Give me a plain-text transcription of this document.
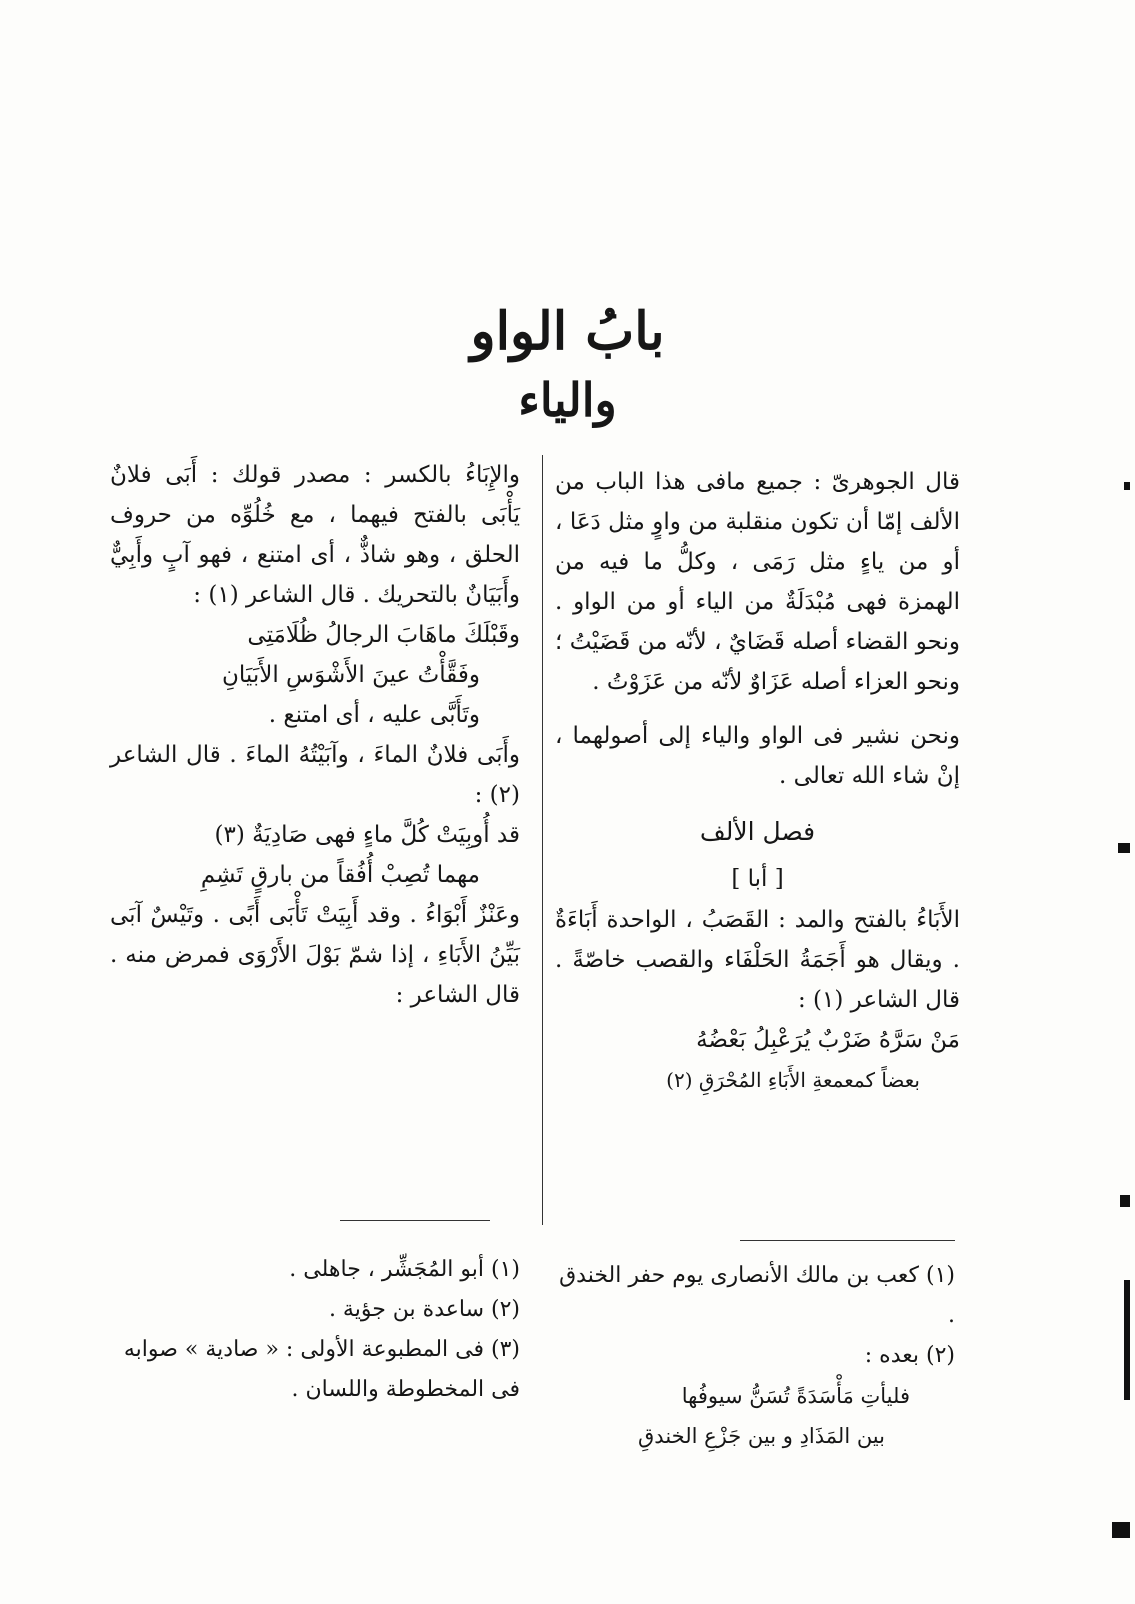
بابُ الواو
والياء

قال الجوهرىّ : جميع مافى هذا الباب من الألف إمّا أن تكون منقلبة من واوٍ مثل دَعَا ، أو من ياءٍ مثل رَمَى ، وكلُّ ما فيه من الهمزة فهى مُبْدَلَةٌ من الياء أو من الواو . ونحو القضاء أصله قَضَايٌ ، لأنّه من قَضَيْتُ ؛ ونحو العزاء أصله عَزَاوٌ لأنّه من عَزَوْتُ .

ونحن نشير فى الواو والياء إلى أصولهما ، إنْ شاء الله تعالى .

فصل الألف
[ أبا ]

الأَبَاءُ بالفتح والمد : القَصَبُ ، الواحدة أَبَاءَةٌ . ويقال هو أَجَمَةُ الحَلْفَاء والقصب خاصّةً . قال الشاعر (١) :

مَنْ سَرَّهُ ضَرْبٌ يُرَعْبِلُ بَعْضُهُ

بعضاً كمعمعةِ الأَبَاءِ المُحْرَقِ (٢)

والإِبَاءُ بالكسر : مصدر قولك : أَبَى فلانٌ يَأْبَى بالفتح فيهما ، مع خُلُوِّه من حروف الحلق ، وهو شاذٌّ ، أى امتنع ، فهو آبٍ وأَبِيٌّ وأَبَيَانٌ بالتحريك . قال الشاعر (١) :

وقَبْلَكَ ماهَابَ الرجالُ ظُلَامَتِى

وفَقَّأْتُ عينَ الأَشْوَسِ الأَبَيَانِ

وتَأَبَّى عليه ، أى امتنع .

وأَبَى فلانٌ الماءَ ، وآبَيْتُهُ الماءَ . قال الشاعر (٢) :

قد أُوبِيَتْ كُلَّ ماءٍ فهى صَادِيَةٌ (٣)

مهما تُصِبْ أُفُقاً من بارقٍ تَشِمِ

وعَنْزٌ أَبْوَاءُ . وقد أَبِيَتْ تَأْبَى أَبًى . وتَيْسٌ آبَى بَيِّنُ الأَبَاءِ ، إذا شمّ بَوْلَ الأَرْوَى فمرض منه . قال الشاعر :

(١) كعب بن مالك الأنصارى يوم حفر الخندق .

(٢) بعده :

فليأتِ مَأْسَدَةً تُسَنُّ سيوفُها

بين المَذَادِ و بين جَزْعِ الخندقِ

(١) أبو المُجَشِّر ، جاهلى .

(٢) ساعدة بن جؤية .

(٣) فى المطبوعة الأولى : « صادية » صوابه فى المخطوطة واللسان .
